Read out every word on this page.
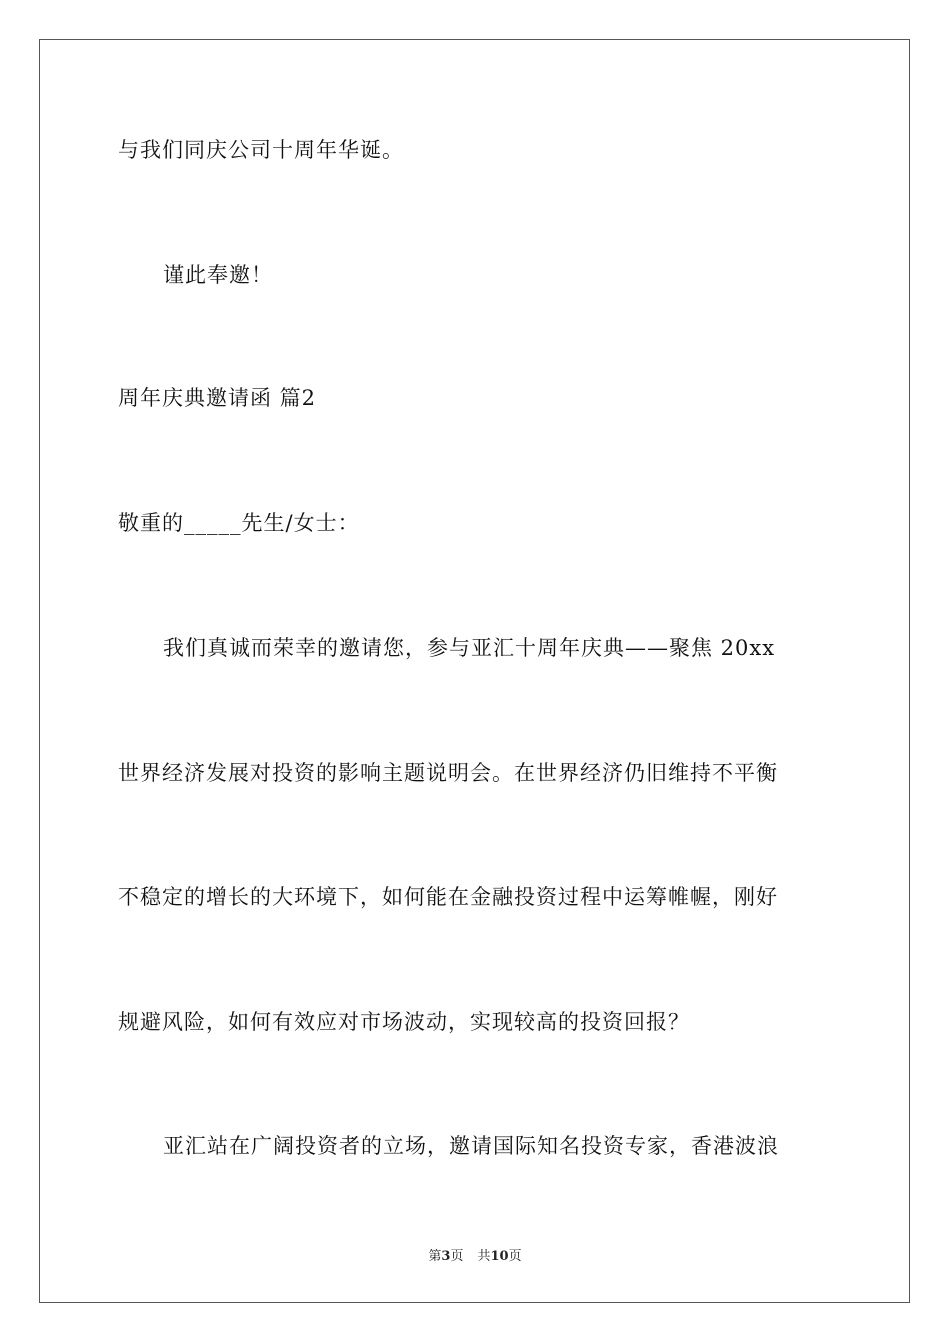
与我们同庆公司十周年华诞。
谨此奉邀！
周年庆典邀请函 篇2
敬重的_____先生/女士：
我们真诚而荣幸的邀请您，参与亚汇十周年庆典——聚焦 20xx
世界经济发展对投资的影响主题说明会。在世界经济仍旧维持不平衡
不稳定的增长的大环境下，如何能在金融投资过程中运筹帷幄，刚好
规避风险，如何有效应对市场波动，实现较高的投资回报？
亚汇站在广阔投资者的立场，邀请国际知名投资专家，香港波浪
第3页 共10页
